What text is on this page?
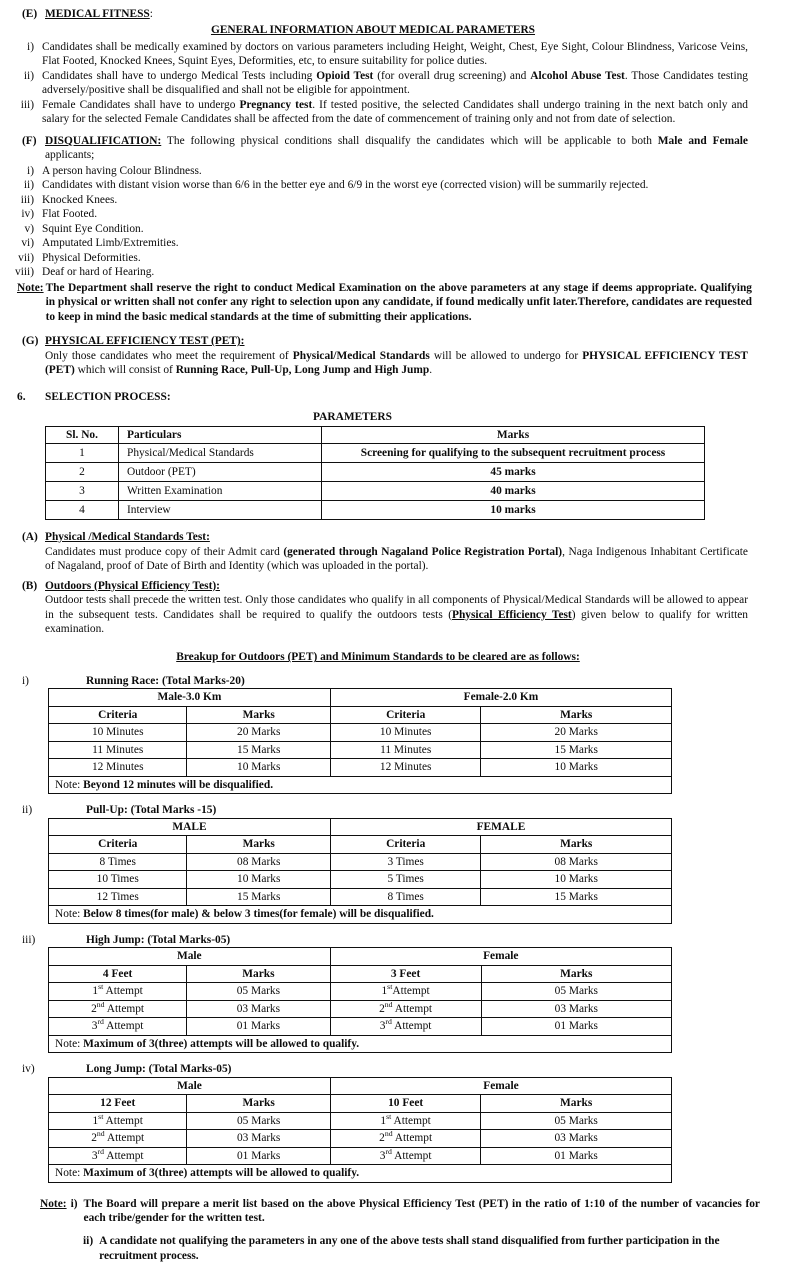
(E) MEDICAL FITNESS:
GENERAL INFORMATION ABOUT MEDICAL PARAMETERS
i) Candidates shall be medically examined by doctors on various parameters including Height, Weight, Chest, Eye Sight, Colour Blindness, Varicose Veins, Flat Footed, Knocked Knees, Squint Eyes, Deformities, etc, to ensure suitability for police duties.
ii) Candidates shall have to undergo Medical Tests including Opioid Test (for overall drug screening) and Alcohol Abuse Test. Those Candidates testing adversely/positive shall be disqualified and shall not be eligible for appointment.
iii) Female Candidates shall have to undergo Pregnancy test. If tested positive, the selected Candidates shall undergo training in the next batch only and salary for the selected Female Candidates shall be affected from the date of commencement of training only and not from date of selection.
(F) DISQUALIFICATION: The following physical conditions shall disqualify the candidates which will be applicable to both Male and Female applicants;
i) A person having Colour Blindness.
ii) Candidates with distant vision worse than 6/6 in the better eye and 6/9 in the worst eye (corrected vision) will be summarily rejected.
iii) Knocked Knees.
iv) Flat Footed.
v) Squint Eye Condition.
vi) Amputated Limb/Extremities.
vii) Physical Deformities.
viii) Deaf or hard of Hearing.
Note: The Department shall reserve the right to conduct Medical Examination on the above parameters at any stage if deems appropriate. Qualifying in physical or written shall not confer any right to selection upon any candidate, if found medically unfit later.Therefore, candidates are requested to keep in mind the basic medical standards at the time of submitting their applications.
(G) PHYSICAL EFFICIENCY TEST (PET):
Only those candidates who meet the requirement of Physical/Medical Standards will be allowed to undergo for PHYSICAL EFFICIENCY TEST (PET) which will consist of Running Race, Pull-Up, Long Jump and High Jump.
6.	SELECTION PROCESS:
PARAMETERS
Sl. No.	Particulars	Marks
1	Physical/Medical Standards	Screening for qualifying to the subsequent recruitment process
2	Outdoor (PET)	45 marks
3	Written Examination	40 marks
4	Interview	10 marks
(A) Physical /Medical Standards Test:
Candidates must produce copy of their Admit card (generated through Nagaland Police Registration Portal), Naga Indigenous Inhabitant Certificate of Nagaland, proof of Date of Birth and Identity (which was uploaded in the portal).
(B) Outdoors (Physical Efficiency Test):
Outdoor tests shall precede the written test. Only those candidates who qualify in all components of Physical/Medical Standards will be allowed to appear in the subsequent tests. Candidates shall be required to qualify the outdoors tests (Physical Efficiency Test) given below to qualify for written examination.
Breakup for Outdoors (PET) and Minimum Standards to be cleared are as follows:
i)	Running Race: (Total Marks-20)
Male-3.0 Km		Female-2.0 Km	
Criteria	Marks	Criteria	Marks
10 Minutes	20 Marks	10 Minutes	20 Marks
11 Minutes	15 Marks	11 Minutes	15 Marks
12 Minutes	10 Marks	12 Minutes	10 Marks
Note: Beyond 12 minutes will be disqualified.			
ii)	Pull-Up: (Total Marks -15)
MALE		FEMALE	
Criteria	Marks	Criteria	Marks
8 Times	08 Marks	3 Times	08 Marks
10 Times	10 Marks	5 Times	10 Marks
12 Times	15 Marks	8 Times	15 Marks
Note: Below 8 times(for male) & below 3 times(for female) will be disqualified.			
iii)	High Jump: (Total Marks-05)
Male		Female	
4 Feet	Marks	3 Feet	Marks
1st Attempt	05 Marks	1stAttempt	05 Marks
2nd Attempt	03 Marks	2nd Attempt	03 Marks
3rd Attempt	01 Marks	3rd Attempt	01 Marks
Note: Maximum of 3(three) attempts will be allowed to qualify.			
iv)	Long Jump: (Total Marks-05)
Male		Female	
12 Feet	Marks	10 Feet	Marks
1st Attempt	05 Marks	1st Attempt	05 Marks
2nd Attempt	03 Marks	2nd Attempt	03 Marks
3rd Attempt	01 Marks	3rd Attempt	01 Marks
Note: Maximum of 3(three) attempts will be allowed to qualify.			
Note: i) The Board will prepare a merit list based on the above Physical Efficiency Test (PET) in the ratio of 1:10 of the number of vacancies for each tribe/gender for the written test.
ii) A candidate not qualifying the parameters in any one of the above tests shall stand disqualified from further participation in the recruitment process.
